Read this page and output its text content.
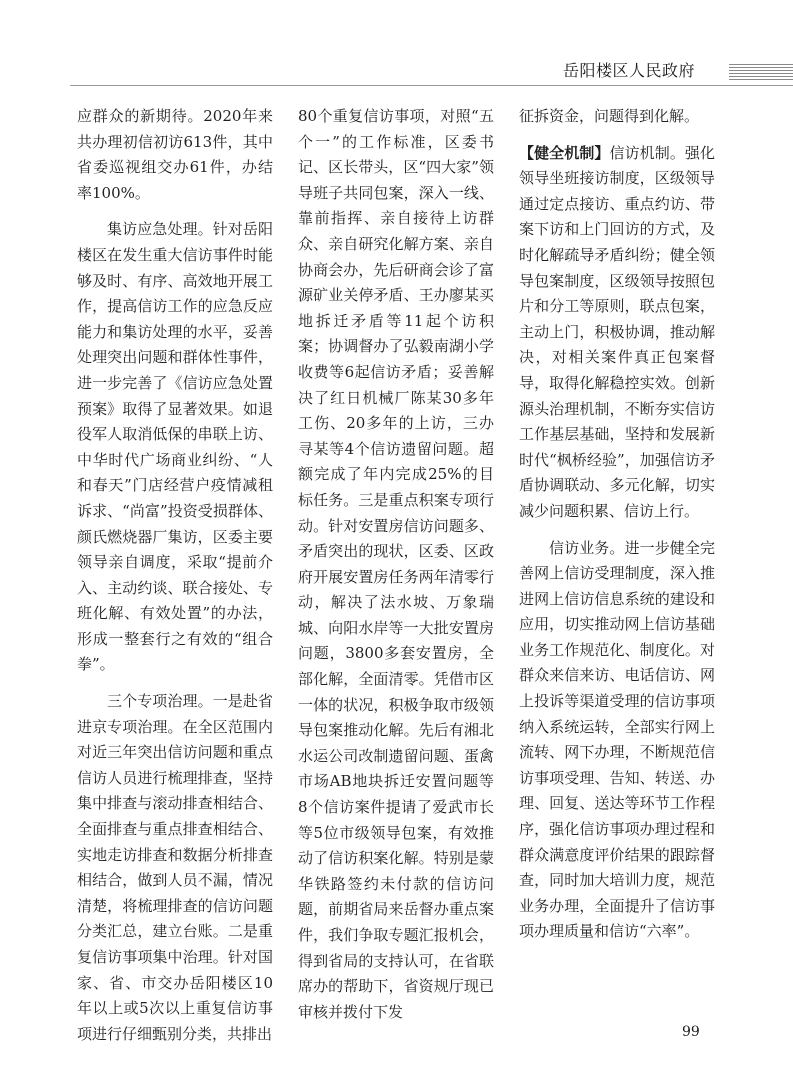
岳阳楼区人民政府

应群众的新期待。2020年来共办理初信初访613件，其中省委巡视组交办61件，办结率100%。

集访应急处理。针对岳阳楼区在发生重大信访事件时能够及时、有序、高效地开展工作，提高信访工作的应急反应能力和集访处理的水平，妥善处理突出问题和群体性事件，进一步完善了《信访应急处置预案》取得了显著效果。如退役军人取消低保的串联上访、中华时代广场商业纠纷、“人和春天”门店经营户疫情减租诉求、“尚富”投资受损群体、颜氏燃烧器厂集访，区委主要领导亲自调度，采取“提前介入、主动约谈、联合接处、专班化解、有效处置”的办法，形成一整套行之有效的“组合拳”。

三个专项治理。一是赴省进京专项治理。在全区范围内对近三年突出信访问题和重点信访人员进行梳理排查，坚持集中排查与滚动排查相结合、全面排查与重点排查相结合、实地走访排查和数据分析排查相结合，做到人员不漏，情况清楚，将梳理排查的信访问题分类汇总，建立台账。二是重复信访事项集中治理。针对国家、省、市交办岳阳楼区10年以上或5次以上重复信访事项进行仔细甄别分类，共排出

80个重复信访事项，对照“五个一”的工作标准，区委书记、区长带头，区“四大家”领导班子共同包案，深入一线、靠前指挥、亲自接待上访群众、亲自研究化解方案、亲自协商会办，先后研商会诊了富源矿业关停矛盾、王办廖某买地拆迁矛盾等11起个访积案；协调督办了弘毅南湖小学收费等6起信访矛盾；妥善解决了红日机械厂陈某30多年工伤、20多年的上访，三办寻某等4个信访遗留问题。超额完成了年内完成25%的目标任务。三是重点积案专项行动。针对安置房信访问题多、矛盾突出的现状，区委、区政府开展安置房任务两年清零行动，解决了法水坡、万象瑞城、向阳水岸等一大批安置房问题，3800多套安置房，全部化解，全面清零。凭借市区一体的状况，积极争取市级领导包案推动化解。先后有湘北水运公司改制遗留问题、蛋禽市场AB地块拆迁安置问题等8个信访案件提请了爱武市长等5位市级领导包案，有效推动了信访积案化解。特别是蒙华铁路签约未付款的信访问题，前期省局来岳督办重点案件，我们争取专题汇报机会，得到省局的支持认可，在省联席办的帮助下，省资规厅现已审核并拨付下发

征拆资金，问题得到化解。

【健全机制】信访机制。强化领导坐班接访制度，区级领导通过定点接访、重点约访、带案下访和上门回访的方式，及时化解疏导矛盾纠纷；健全领导包案制度，区级领导按照包片和分工等原则，联点包案，主动上门，积极协调，推动解决，对相关案件真正包案督导，取得化解稳控实效。创新源头治理机制，不断夯实信访工作基层基础，坚持和发展新时代“枫桥经验”，加强信访矛盾协调联动、多元化解，切实减少问题积累、信访上行。

信访业务。进一步健全完善网上信访受理制度，深入推进网上信访信息系统的建设和应用，切实推动网上信访基础业务工作规范化、制度化。对群众来信来访、电话信访、网上投诉等渠道受理的信访事项纳入系统运转，全部实行网上流转、网下办理，不断规范信访事项受理、告知、转送、办理、回复、送达等环节工作程序，强化信访事项办理过程和群众满意度评价结果的跟踪督查，同时加大培训力度，规范业务办理，全面提升了信访事项办理质量和信访“六率”。

99
